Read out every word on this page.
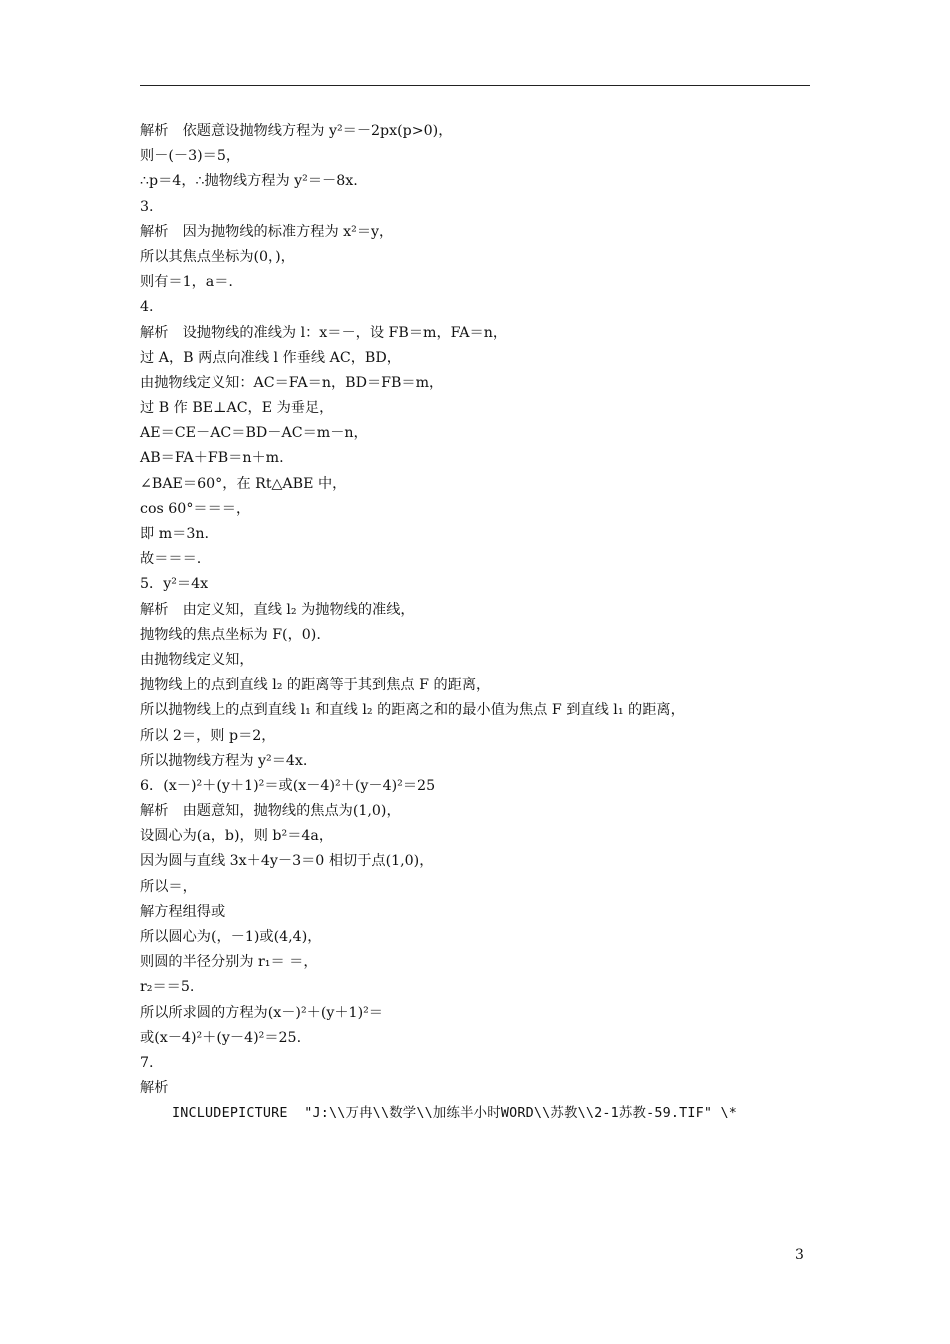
解析　依题意设抛物线方程为 y²＝－2px(p>0)，
则－(－3)＝5，
∴p＝4，∴抛物线方程为 y²＝－8x.
3.
解析　因为抛物线的标准方程为 x²＝y，
所以其焦点坐标为(0，)，
则有＝1，a＝.
4.
解析　设抛物线的准线为 l：x＝－，设 FB＝m，FA＝n，
过 A，B 两点向准线 l 作垂线 AC，BD，
由抛物线定义知：AC＝FA＝n，BD＝FB＝m，
过 B 作 BE⊥AC，E 为垂足，
AE＝CE－AC＝BD－AC＝m－n，
AB＝FA＋FB＝n＋m.
∠BAE＝60°，在 Rt△ABE 中，
cos 60°＝＝＝，
即 m＝3n.
故＝＝＝.
5．y²＝4x
解析　由定义知，直线 l₂ 为抛物线的准线，
抛物线的焦点坐标为 F(，0).
由抛物线定义知，
抛物线上的点到直线 l₂ 的距离等于其到焦点 F 的距离，
所以抛物线上的点到直线 l₁ 和直线 l₂ 的距离之和的最小值为焦点 F 到直线 l₁ 的距离，
所以 2＝，则 p＝2，
所以抛物线方程为 y²＝4x.
6．(x－)²＋(y＋1)²＝或(x－4)²＋(y－4)²＝25
解析　由题意知，抛物线的焦点为(1,0)，
设圆心为(a，b)，则 b²＝4a，
因为圆与直线 3x＋4y－3＝0 相切于点(1,0)，
所以＝，
解方程组得或
所以圆心为(，－1)或(4,4)，
则圆的半径分别为 r₁＝ ＝，
r₂＝＝5.
所以所求圆的方程为(x－)²＋(y＋1)²＝
或(x－4)²＋(y－4)²＝25.
7.
解析
INCLUDEPICTURE  "J:\\万冉\\数学\\加练半小时WORD\\苏教\\2-1苏教-59.TIF" \*
3
